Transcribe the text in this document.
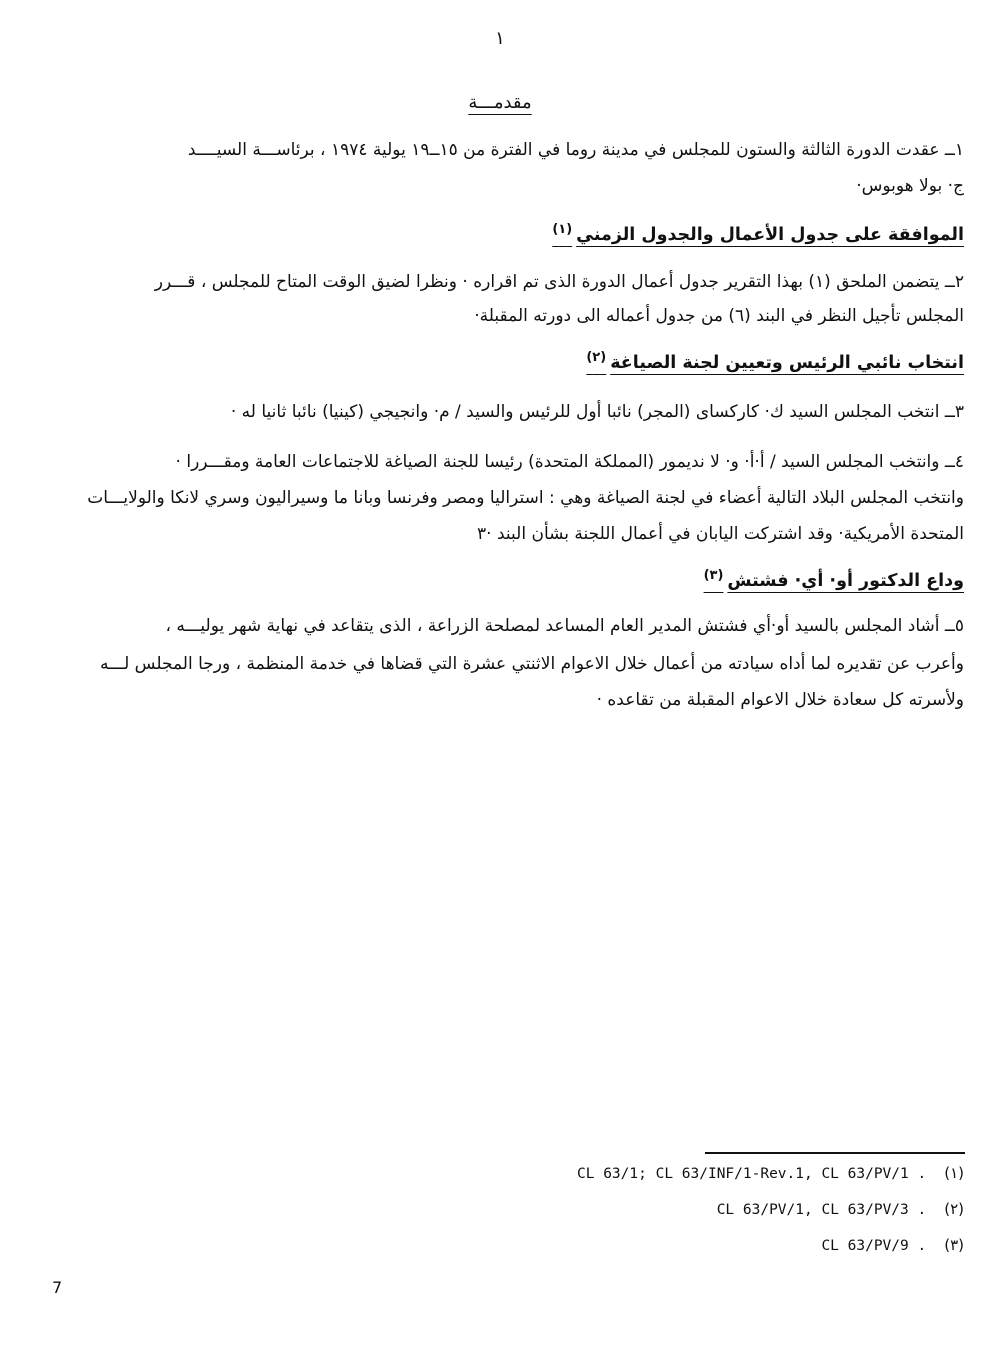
١
مقدمـــة
١ــ عقدت الدورة الثالثة والستون للمجلس في مدينة روما في الفترة من ١٥ــ١٩ يولية ١٩٧٤ ، برئاســـة السيــــد
ج· بولا هوبوس·
الموافقة على جدول الأعمال والجدول الزمني$^{(١)}$
٢ــ يتضمن الملحق (١) بهذا التقرير جدول أعمال الدورة الذى تم اقراره · ونظرا لضيق الوقت المتاح للمجلس ، قـــرر
المجلس تأجيل النظر في البند (٦) من جدول أعماله الى دورته المقبلة·
انتخاب نائبي الرئيس وتعيين لجنة الصياغة$^{(٢)}$
٣ــ انتخب المجلس السيد ك· كاركساى (المجر) نائبا أول للرئيس والسيد / م· وانجيجي (كينيا) نائبا ثانيا له ·
٤ــ وانتخب المجلس السيد / أ·أ· و· لا نديمور (المملكة المتحدة) رئيسا للجنة الصياغة للاجتماعات العامة ومقـــررا ·
وانتخب المجلس البلاد التالية أعضاء في لجنة الصياغة وهي : استراليا ومصر وفرنسا وبانا ما وسيراليون وسري لانكا والولايـــات
المتحدة الأمريكية· وقد اشتركت اليابان في أعمال اللجنة بشأن البند ·٣
وداع الدكتور أو· أي· فشتش$^{(٣)}$
٥ــ أشاد المجلس بالسيد أو·أي فشتش المدير العام المساعد لمصلحة الزراعة ، الذى يتقاعد في نهاية شهر يوليـــه ،
وأعرب عن تقديره لما أداه سيادته من أعمال خلال الاعوام الاثنتي عشرة التي قضاها في خدمة المنظمة ، ورجا المجلس لـــه
ولأسرته كل سعادة خلال الاعوام المقبلة من تقاعده ·
CL 63/1; CL 63/INF/1-Rev.1, CL 63/PV/1 . (١)
CL 63/PV/1, CL 63/PV/3 . (٢)
CL 63/PV/9 . (٣)
7
